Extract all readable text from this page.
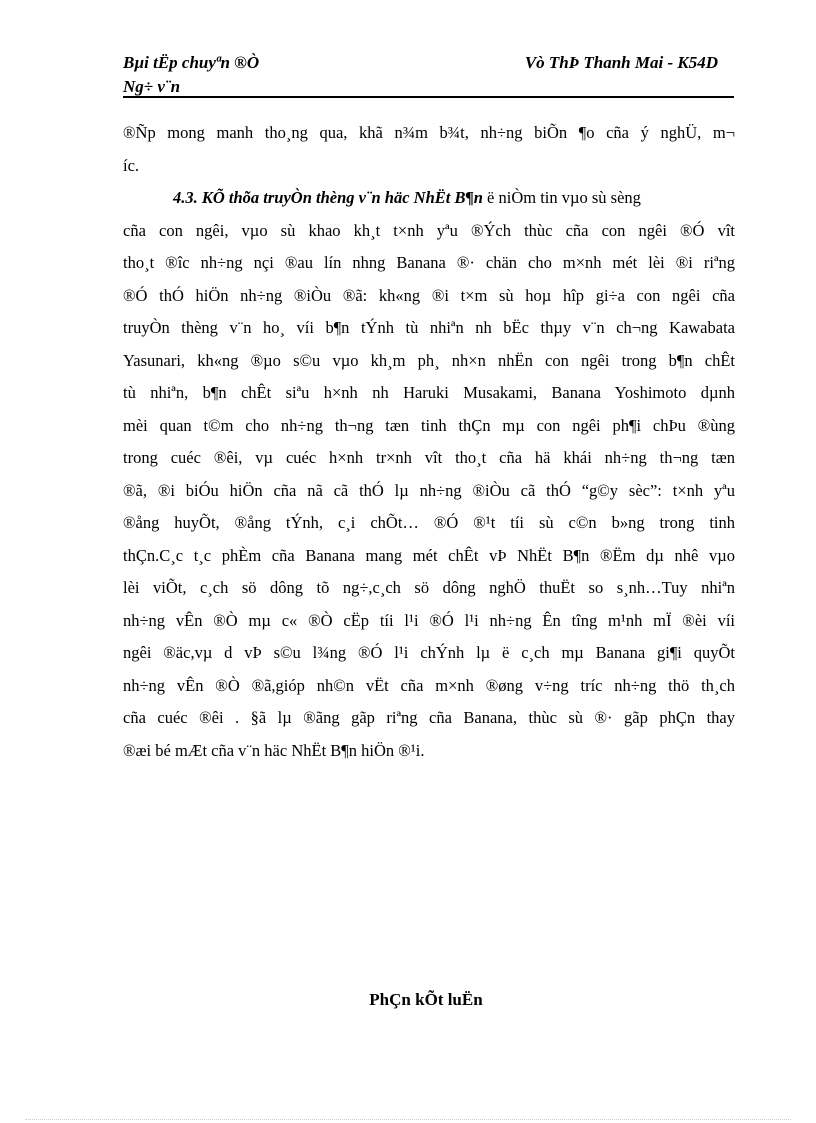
Bµi tËp chuyªn ®Ò
Ng÷ v¨n
Vò ThÞ Thanh Mai - K54D
®Ñp mong manh tho¸ng qua, khã n¾m b¾t, nh÷ng biÕn ¶o cña ý nghÜ, m¬
íc.
4.3. KÕ thõa truyÒn thèng v¨n häc NhËt B¶n ë niÒm tin vµo sù sèng
cña con ngêi, vµo sù khao kh¸t t×nh yªu ®Ých thùc cña con ngêi ®Ó vît
tho¸t ®îc nh÷ng nçi ®au lín nhng Banana ®· chän cho m×nh mét lèi ®i riªng
®Ó thÓ hiÖn nh÷ng ®iÒu ®ã: kh«ng ®i t×m sù hoµ hîp gi÷a con ngêi cña
truyÒn thèng v¨n ho¸ víi b¶n tÝnh tù nhiªn nh bËc thµy v¨n ch¬ng Kawabata
Yasunari, kh«ng ®µo s©u vµo kh¸m ph¸ nh×n nhËn con ngêi trong b¶n chÊt
tù nhiªn, b¶n chÊt siªu h×nh nh Haruki Musakami, Banana Yoshimoto dµnh
mèi quan t©m cho nh÷ng th¬ng tæn tinh thÇn mµ con ngêi ph¶i chÞu ®ùng
trong cuéc ®êi, vµ cuéc h×nh tr×nh vît tho¸t cña hä khái nh÷ng th¬ng tæn
®ã, ®i biÓu hiÖn cña nã cã thÓ lµ nh÷ng ®iÒu cã thÓ “g©y sèc”: t×nh yªu
®ång huyÕt, ®ång tÝnh, c¸i chÕt… ®Ó ®¹t tíi sù c©n b»ng trong tinh
thÇn.C¸c t¸c phÈm cña Banana mang mét chÊt vÞ NhËt B¶n ®Ëm dµ nhê vµo
lèi viÕt, c¸ch sö dông tõ ng÷,c¸ch sö dông nghÖ thuËt so s¸nh…Tuy nhiªn
nh÷ng vÊn ®Ò mµ c« ®Ò cËp tíi l¹i ®Ó l¹i nh÷ng Ên tîng m¹nh mÏ ®èi víi
ngêi ®äc,vµ d vÞ s©u l¾ng ®Ó l¹i chÝnh lµ ë c¸ch mµ Banana gi¶i quyÕt
nh÷ng vÊn ®Ò ®ã,gióp nh©n vËt cña m×nh ®øng v÷ng tríc nh÷ng thö th¸ch
cña cuéc ®êi . §ã lµ ®ãng gãp riªng cña Banana, thùc sù ®· gãp phÇn thay
®æi bé mÆt cña v¨n häc NhËt B¶n hiÖn ®¹i.
PhÇn kÕt luËn
